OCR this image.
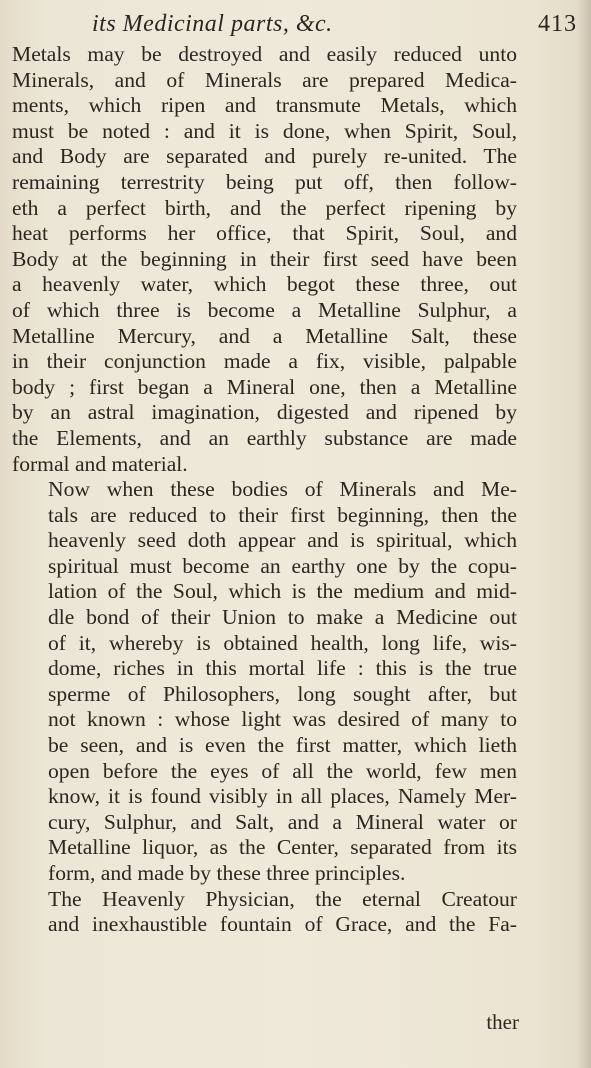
its Medicinal parts, &c.	413

Metals may be destroyed and easily reduced unto
Minerals, and of Minerals are prepared Medica-
ments, which ripen and transmute Metals, which
must be noted : and it is done, when Spirit, Soul,
and Body are separated and purely re-united. The
remaining terrestrity being put off, then follow-
eth a perfect birth, and the perfect ripening by
heat performs her office, that Spirit, Soul, and
Body at the beginning in their first seed have been
a heavenly water, which begot these three, out
of which three is become a Metalline Sulphur, a
Metalline Mercury, and a Metalline Salt, these
in their conjunction made a fix, visible, palpable
body ; first began a Mineral one, then a Metalline
by an astral imagination, digested and ripened by
the Elements, and an earthly substance are made
formal and material.

Now when these bodies of Minerals and Me-
tals are reduced to their first beginning, then the
heavenly seed doth appear and is spiritual, which
spiritual must become an earthy one by the copu-
lation of the Soul, which is the medium and mid-
dle bond of their Union to make a Medicine out
of it, whereby is obtained health, long life, wis-
dome, riches in this mortal life : this is the true
sperme of Philosophers, long sought after, but
not known : whose light was desired of many to
be seen, and is even the first matter, which lieth
open before the eyes of all the world, few men
know, it is found visibly in all places, Namely Mer-
cury, Sulphur, and Salt, and a Mineral water or
Metalline liquor, as the Center, separated from its
form, and made by these three principles.

The Heavenly Physician, the eternal Creatour
and inexhaustible fountain of Grace, and the Fa-

ther
